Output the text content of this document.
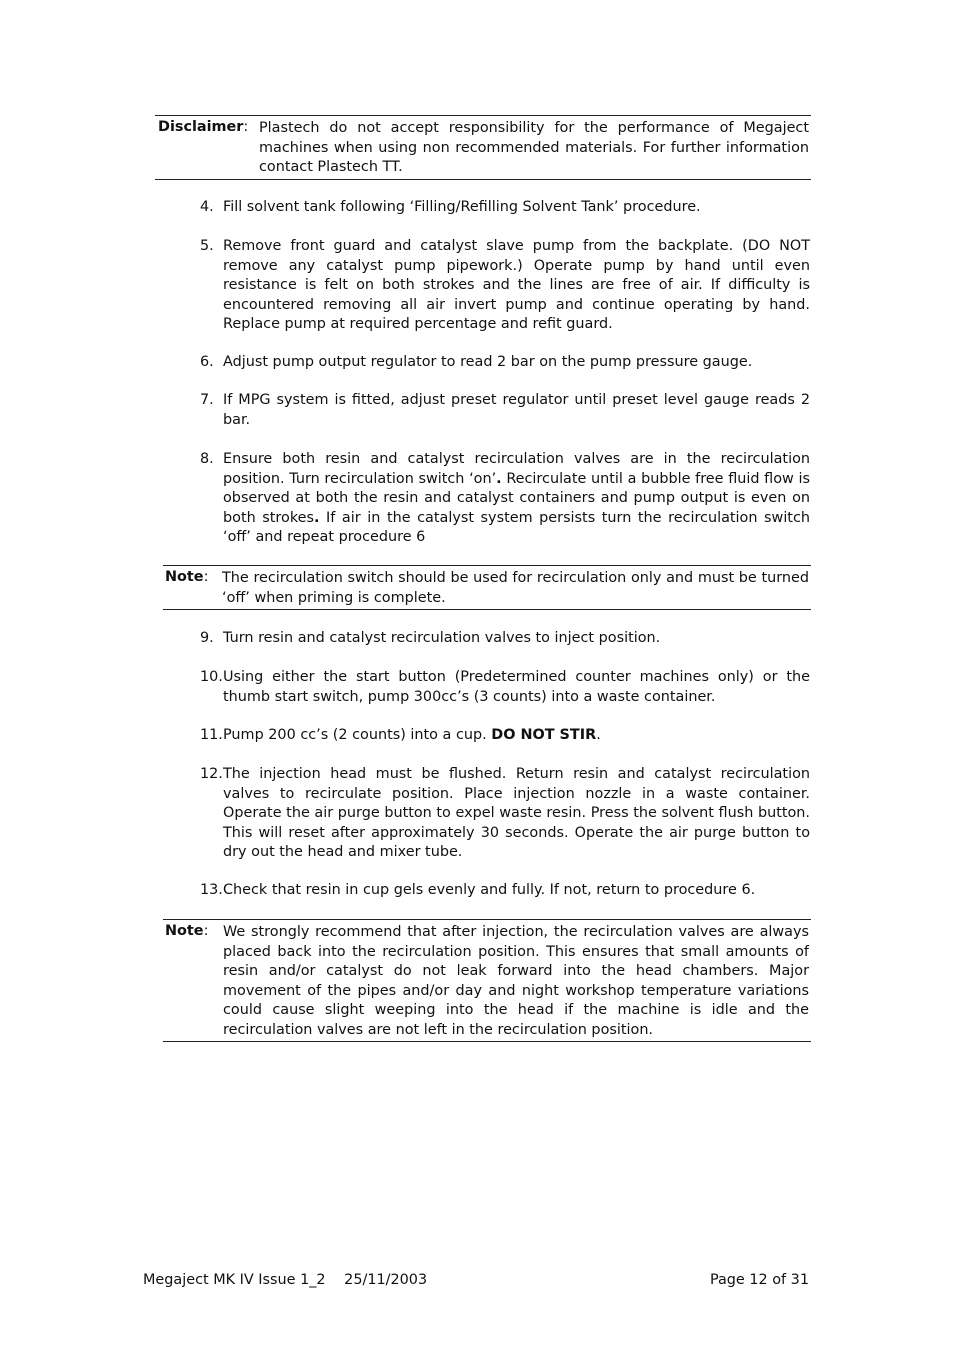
Disclaimer: Plastech do not accept responsibility for the performance of Megaject machines when using non recommended materials. For further information contact Plastech TT.
4. Fill solvent tank following ‘Filling/Refilling Solvent Tank’ procedure.
5. Remove front guard and catalyst slave pump from the backplate. (DO NOT remove any catalyst pump pipework.) Operate pump by hand until even resistance is felt on both strokes and the lines are free of air. If difficulty is encountered removing all air invert pump and continue operating by hand. Replace pump at required percentage and refit guard.
6. Adjust pump output regulator to read 2 bar on the pump pressure gauge.
7. If MPG system is fitted, adjust preset regulator until preset level gauge reads 2 bar.
8. Ensure both resin and catalyst recirculation valves are in the recirculation position. Turn recirculation switch ‘on’. Recirculate until a bubble free fluid flow is observed at both the resin and catalyst containers and pump output is even on both strokes. If air in the catalyst system persists turn the recirculation switch ‘off’ and repeat procedure 6
Note: The recirculation switch should be used for recirculation only and must be turned ‘off’ when priming is complete.
9. Turn resin and catalyst recirculation valves to inject position.
10. Using either the start button (Predetermined counter machines only) or the thumb start switch, pump 300cc’s (3 counts) into a waste container.
11. Pump 200 cc’s (2 counts) into a cup. DO NOT STIR.
12. The injection head must be flushed. Return resin and catalyst recirculation valves to recirculate position. Place injection nozzle in a waste container. Operate the air purge button to expel waste resin. Press the solvent flush button. This will reset after approximately 30 seconds. Operate the air purge button to dry out the head and mixer tube.
13. Check that resin in cup gels evenly and fully. If not, return to procedure 6.
Note: We strongly recommend that after injection, the recirculation valves are always placed back into the recirculation position. This ensures that small amounts of resin and/or catalyst do not leak forward into the head chambers. Major movement of the pipes and/or day and night workshop temperature variations could cause slight weeping into the head if the machine is idle and the recirculation valves are not left in the recirculation position.
Megaject MK IV Issue 1_2 25/11/2003	Page 12 of 31
